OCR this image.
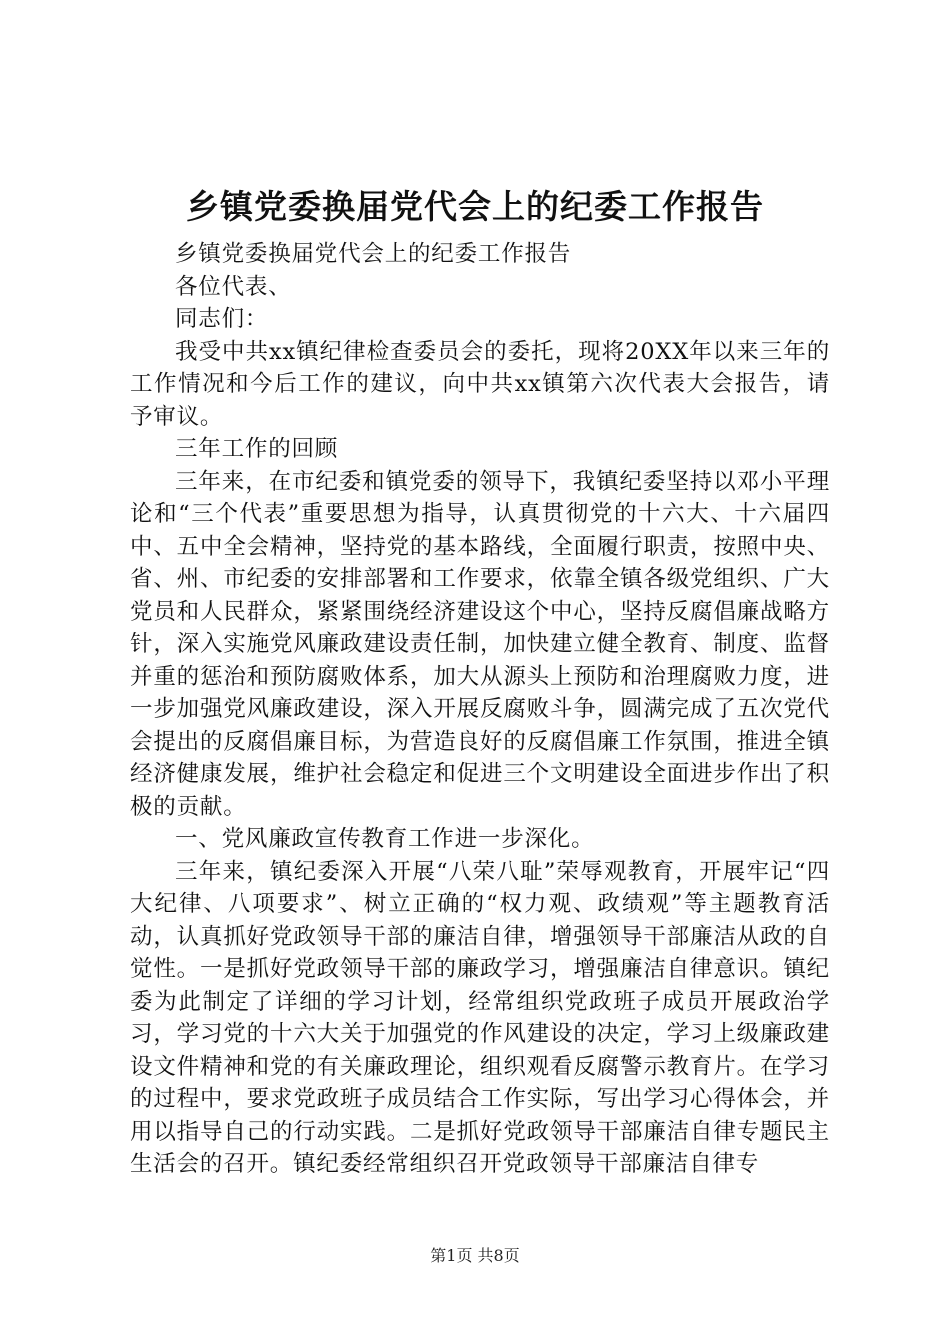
乡镇党委换届党代会上的纪委工作报告

乡镇党委换届党代会上的纪委工作报告

各位代表、

同志们：

我受中共xx镇纪律检查委员会的委托，现将20XX年以来三年的工作情况和今后工作的建议，向中共xx镇第六次代表大会报告，请予审议。

三年工作的回顾

三年来，在市纪委和镇党委的领导下，我镇纪委坚持以邓小平理论和“三个代表”重要思想为指导，认真贯彻党的十六大、十六届四中、五中全会精神，坚持党的基本路线，全面履行职责，按照中央、省、州、市纪委的安排部署和工作要求，依靠全镇各级党组织、广大党员和人民群众，紧紧围绕经济建设这个中心，坚持反腐倡廉战略方针，深入实施党风廉政建设责任制，加快建立健全教育、制度、监督并重的惩治和预防腐败体系，加大从源头上预防和治理腐败力度，进一步加强党风廉政建设，深入开展反腐败斗争，圆满完成了五次党代会提出的反腐倡廉目标，为营造良好的反腐倡廉工作氛围，推进全镇经济健康发展，维护社会稳定和促进三个文明建设全面进步作出了积极的贡献。

一、党风廉政宣传教育工作进一步深化。

三年来，镇纪委深入开展“八荣八耻”荣辱观教育，开展牢记“四大纪律、八项要求”、树立正确的“权力观、政绩观”等主题教育活动，认真抓好党政领导干部的廉洁自律，增强领导干部廉洁从政的自觉性。一是抓好党政领导干部的廉政学习，增强廉洁自律意识。镇纪委为此制定了详细的学习计划，经常组织党政班子成员开展政治学习，学习党的十六大关于加强党的作风建设的决定，学习上级廉政建设文件精神和党的有关廉政理论，组织观看反腐警示教育片。在学习的过程中，要求党政班子成员结合工作实际，写出学习心得体会，并用以指导自己的行动实践。二是抓好党政领导干部廉洁自律专题民主生活会的召开。镇纪委经常组织召开党政领导干部廉洁自律专

第1页 共8页
